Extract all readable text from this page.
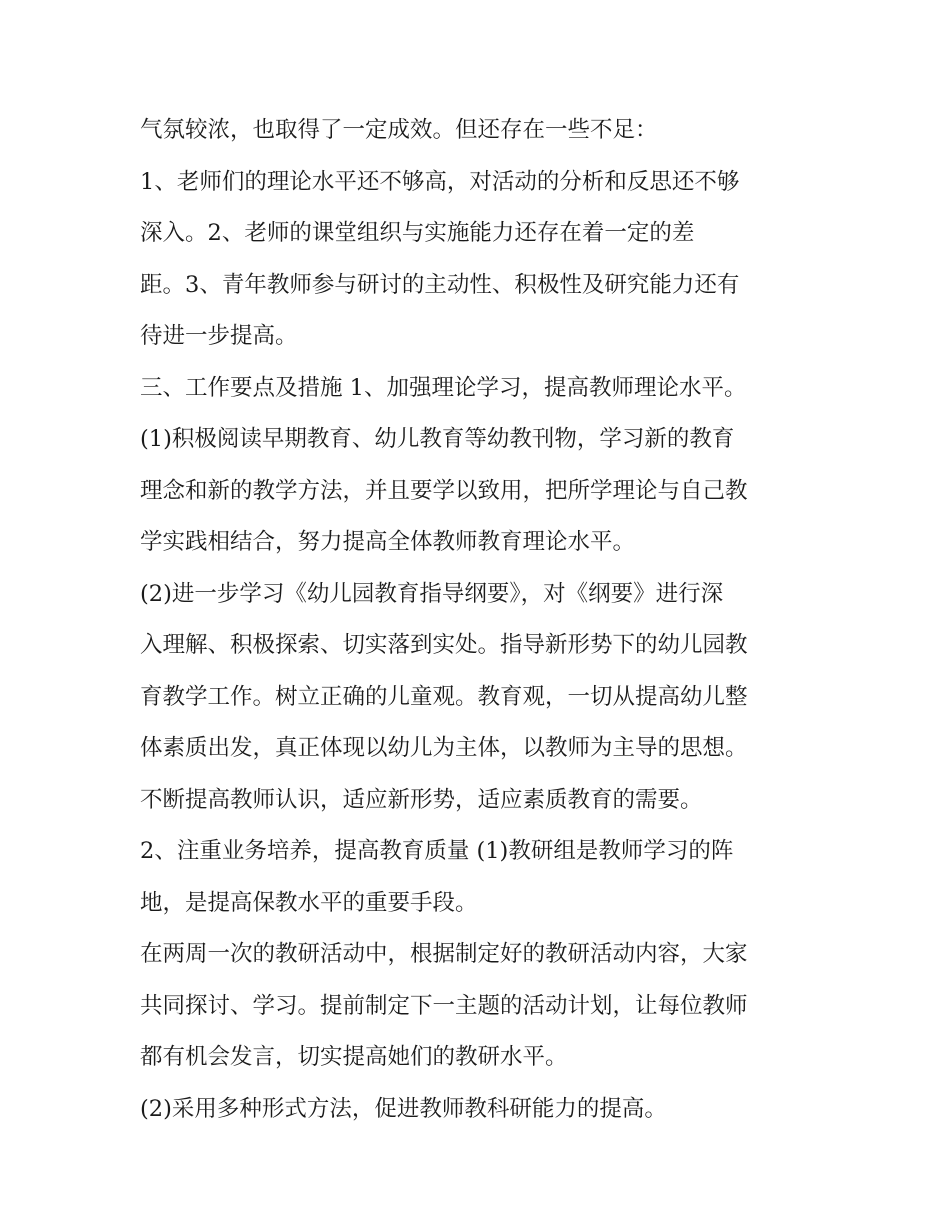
气氛较浓，也取得了一定成效。但还存在一些不足：
1、老师们的理论水平还不够高，对活动的分析和反思还不够
深入。2、老师的课堂组织与实施能力还存在着一定的差
距。3、青年教师参与研讨的主动性、积极性及研究能力还有
待进一步提高。
三、工作要点及措施 1、加强理论学习，提高教师理论水平。
(1)积极阅读早期教育、幼儿教育等幼教刊物，学习新的教育
理念和新的教学方法，并且要学以致用，把所学理论与自己教
学实践相结合，努力提高全体教师教育理论水平。
(2)进一步学习《幼儿园教育指导纲要》，对《纲要》进行深
入理解、积极探索、切实落到实处。指导新形势下的幼儿园教
育教学工作。树立正确的儿童观。教育观，一切从提高幼儿整
体素质出发，真正体现以幼儿为主体，以教师为主导的思想。
不断提高教师认识，适应新形势，适应素质教育的需要。
2、注重业务培养，提高教育质量 (1)教研组是教师学习的阵
地，是提高保教水平的重要手段。
在两周一次的教研活动中，根据制定好的教研活动内容，大家
共同探讨、学习。提前制定下一主题的活动计划，让每位教师
都有机会发言，切实提高她们的教研水平。
(2)采用多种形式方法，促进教师教科研能力的提高。
